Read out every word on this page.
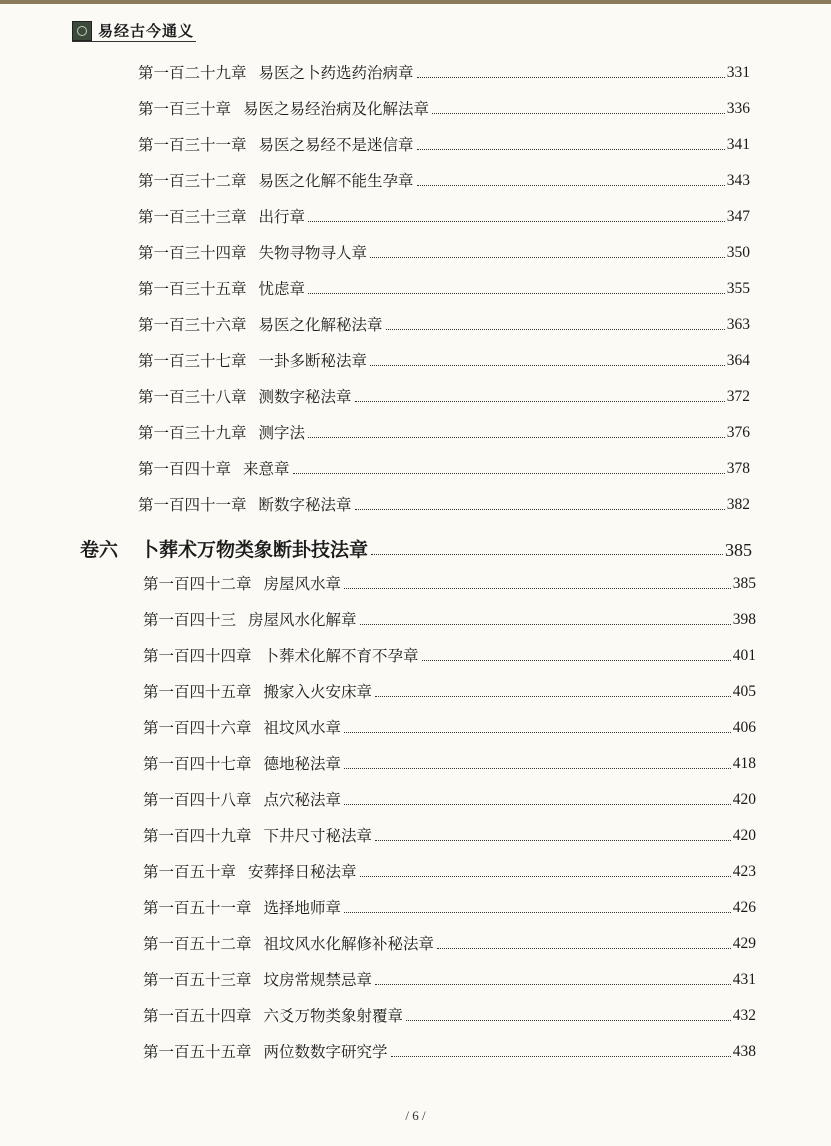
易经古今通义
第一百二十九章 易医之卜药选药治病章	331
第一百三十章 易医之易经治病及化解法章	336
第一百三十一章 易医之易经不是迷信章	341
第一百三十二章 易医之化解不能生孕章	343
第一百三十三章 出行章	347
第一百三十四章 失物寻物寻人章	350
第一百三十五章 忧虑章	355
第一百三十六章 易医之化解秘法章	363
第一百三十七章 一卦多断秘法章	364
第一百三十八章 测数字秘法章	372
第一百三十九章 测字法	376
第一百四十章 来意章	378
第一百四十一章 断数字秘法章	382
卷六 卜葬术万物类象断卦技法章	385
第一百四十二章 房屋风水章	385
第一百四十三 房屋风水化解章	398
第一百四十四章 卜葬术化解不育不孕章	401
第一百四十五章 搬家入火安床章	405
第一百四十六章 祖坟风水章	406
第一百四十七章 德地秘法章	418
第一百四十八章 点穴秘法章	420
第一百四十九章 下井尺寸秘法章	420
第一百五十章 安葬择日秘法章	423
第一百五十一章 选择地师章	426
第一百五十二章 祖坟风水化解修补秘法章	429
第一百五十三章 坟房常规禁忌章	431
第一百五十四章 六爻万物类象射覆章	432
第一百五十五章 两位数数字研究学	438
/ 6 /
